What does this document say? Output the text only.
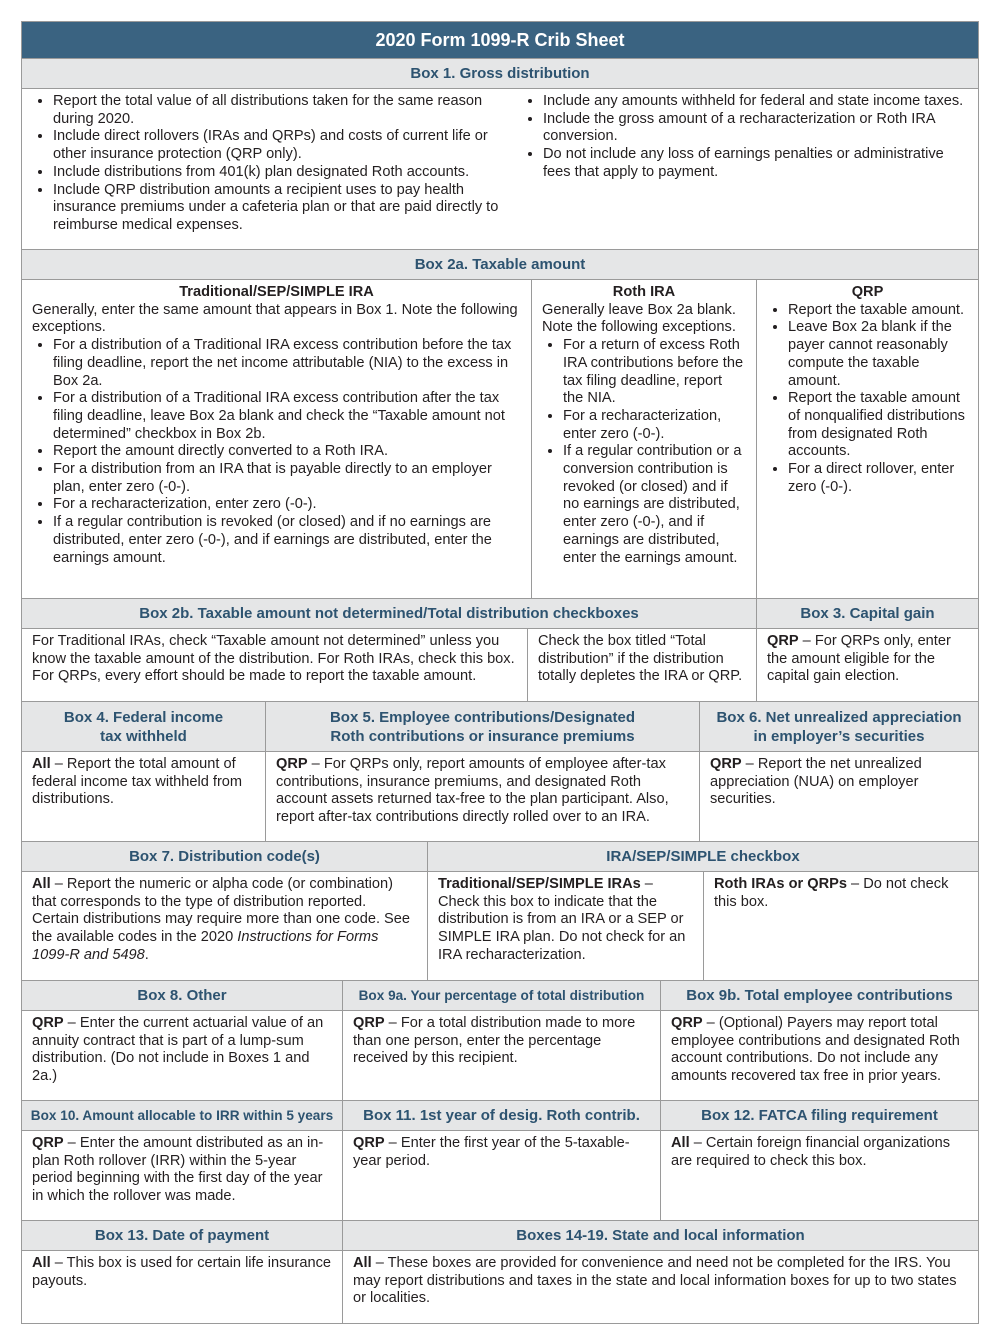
2020 Form 1099-R Crib Sheet
Box 1. Gross distribution
• Report the total value of all distributions taken for the same reason during 2020.
• Include direct rollovers (IRAs and QRPs) and costs of current life or other insurance protection (QRP only).
• Include distributions from 401(k) plan designated Roth accounts.
• Include QRP distribution amounts a recipient uses to pay health insurance premiums under a cafeteria plan or that are paid directly to reimburse medical expenses.
• Include any amounts withheld for federal and state income taxes.
• Include the gross amount of a recharacterization or Roth IRA conversion.
• Do not include any loss of earnings penalties or administrative fees that apply to payment.
Box 2a. Taxable amount
Traditional/SEP/SIMPLE IRA
Generally, enter the same amount that appears in Box 1. Note the following exceptions.
• For a distribution of a Traditional IRA excess contribution before the tax filing deadline, report the net income attributable (NIA) to the excess in Box 2a.
• For a distribution of a Traditional IRA excess contribution after the tax filing deadline, leave Box 2a blank and check the “Taxable amount not determined” checkbox in Box 2b.
• Report the amount directly converted to a Roth IRA.
• For a distribution from an IRA that is payable directly to an employer plan, enter zero (-0-).
• For a recharacterization, enter zero (-0-).
• If a regular contribution is revoked (or closed) and if no earnings are distributed, enter zero (-0-), and if earnings are distributed, enter the earnings amount.
Roth IRA
Generally leave Box 2a blank. Note the following exceptions.
• For a return of excess Roth IRA contributions before the tax filing deadline, report the NIA.
• For a recharacterization, enter zero (-0-).
• If a regular contribution or a conversion contribution is revoked (or closed) and if no earnings are distributed, enter zero (-0-), and if earnings are distributed, enter the earnings amount.
QRP
• Report the taxable amount.
• Leave Box 2a blank if the payer cannot reasonably compute the taxable amount.
• Report the taxable amount of nonqualified distributions from designated Roth accounts.
• For a direct rollover, enter zero (-0-).
Box 2b. Taxable amount not determined/Total distribution checkboxes	Box 3. Capital gain
For Traditional IRAs, check “Taxable amount not determined” unless you know the taxable amount of the distribution. For Roth IRAs, check this box. For QRPs, every effort should be made to report the taxable amount.
Check the box titled “Total distribution” if the distribution totally depletes the IRA or QRP.
QRP – For QRPs only, enter the amount eligible for the capital gain election.
Box 4. Federal income
tax withheld
Box 5. Employee contributions/Designated
Roth contributions or insurance premiums
Box 6. Net unrealized appreciation
in employer’s securities
All – Report the total amount of federal income tax withheld from distributions.
QRP – For QRPs only, report amounts of employee after-tax contributions, insurance premiums, and designated Roth account assets returned tax-free to the plan participant. Also, report after-tax contributions directly rolled over to an IRA.
QRP – Report the net unrealized appreciation (NUA) on employer securities.
Box 7. Distribution code(s)	IRA/SEP/SIMPLE checkbox
All – Report the numeric or alpha code (or combination) that corresponds to the type of distribution reported. Certain distributions may require more than one code. See the available codes in the 2020 Instructions for Forms 1099-R and 5498.
Traditional/SEP/SIMPLE IRAs – Check this box to indicate that the distribution is from an IRA or a SEP or SIMPLE IRA plan. Do not check for an IRA recharacterization.
Roth IRAs or QRPs – Do not check this box.
Box 8. Other	Box 9a. Your percentage of total distribution	Box 9b. Total employee contributions
QRP – Enter the current actuarial value of an annuity contract that is part of a lump-sum distribution. (Do not include in Boxes 1 and 2a.)
QRP – For a total distribution made to more than one person, enter the percentage received by this recipient.
QRP – (Optional) Payers may report total employee contributions and designated Roth account contributions. Do not include any amounts recovered tax free in prior years.
Box 10. Amount allocable to IRR within 5 years	Box 11. 1st year of desig. Roth contrib.	Box 12. FATCA filing requirement
QRP – Enter the amount distributed as an in-plan Roth rollover (IRR) within the 5-year period beginning with the first day of the year in which the rollover was made.
QRP – Enter the first year of the 5-taxable-year period.
All – Certain foreign financial organizations are required to check this box.
Box 13. Date of payment	Boxes 14-19. State and local information
All – This box is used for certain life insurance payouts.
All – These boxes are provided for convenience and need not be completed for the IRS. You may report distributions and taxes in the state and local information boxes for up to two states or localities.
